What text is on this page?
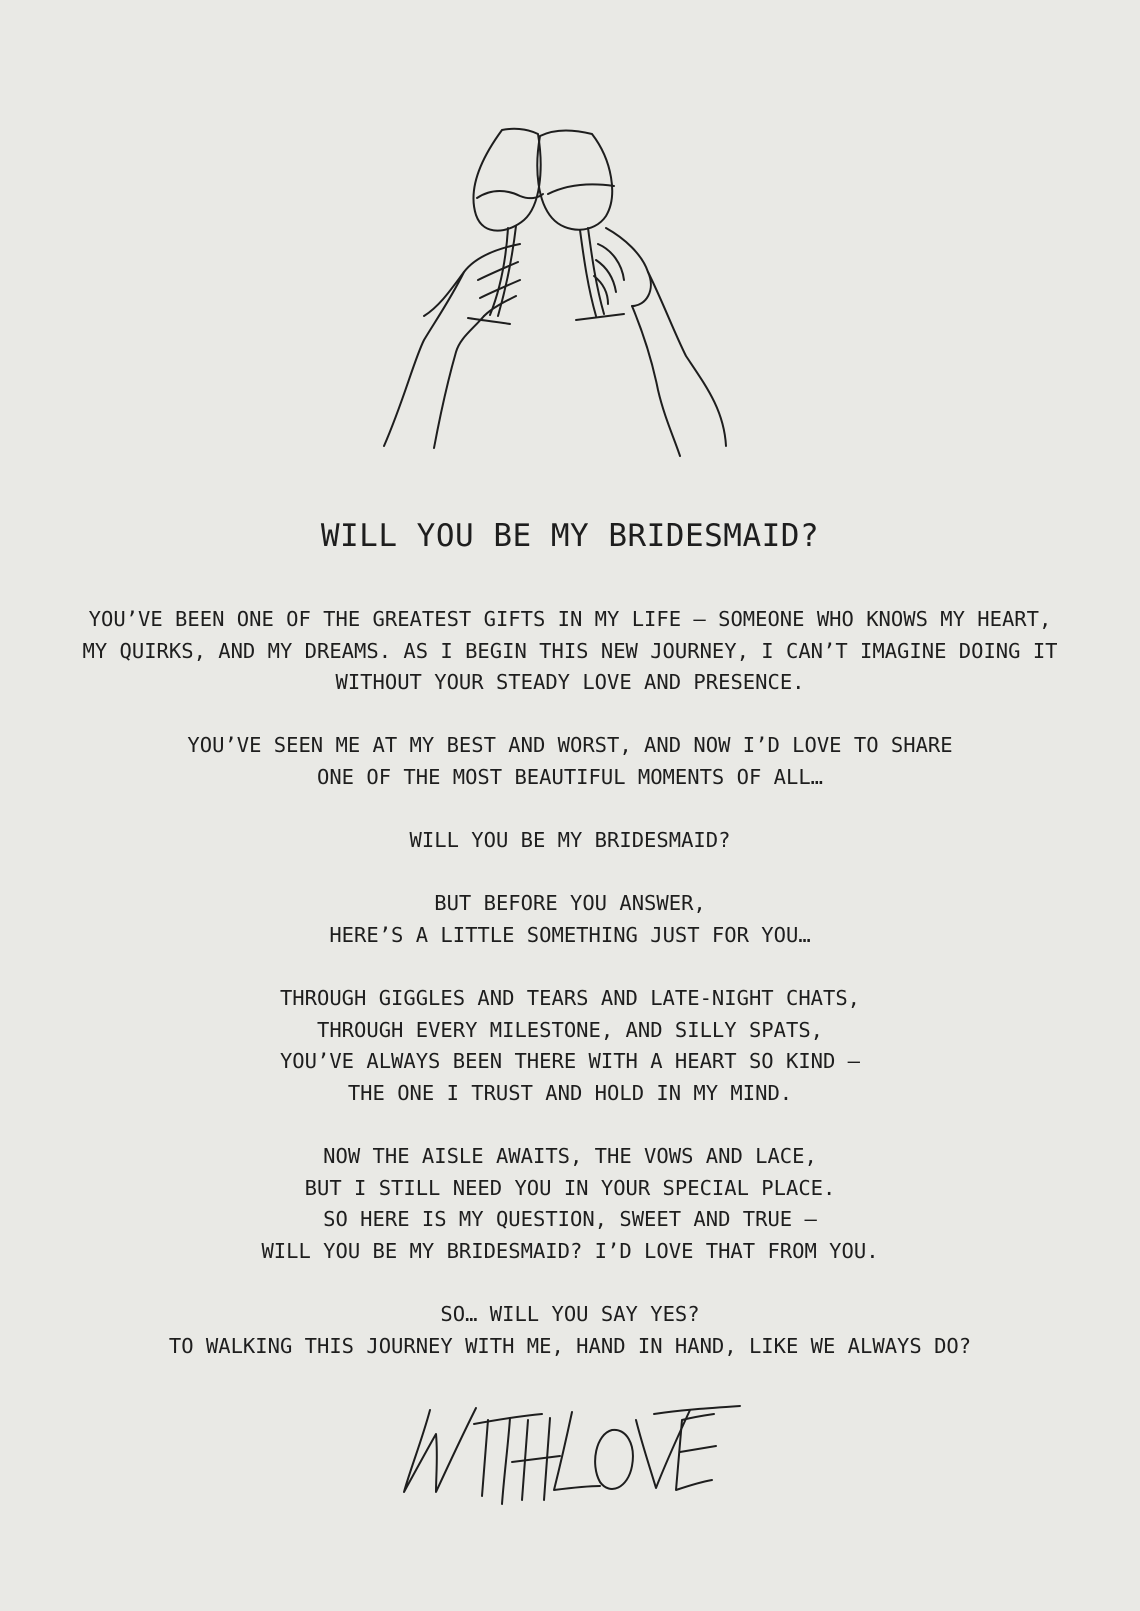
WILL YOU BE MY BRIDESMAID?
YOU’VE BEEN ONE OF THE GREATEST GIFTS IN MY LIFE — SOMEONE WHO KNOWS MY HEART,
MY QUIRKS, AND MY DREAMS. AS I BEGIN THIS NEW JOURNEY, I CAN’T IMAGINE DOING IT
WITHOUT YOUR STEADY LOVE AND PRESENCE.
YOU’VE SEEN ME AT MY BEST AND WORST, AND NOW I’D LOVE TO SHARE
ONE OF THE MOST BEAUTIFUL MOMENTS OF ALL…
WILL YOU BE MY BRIDESMAID?
BUT BEFORE YOU ANSWER,
HERE’S A LITTLE SOMETHING JUST FOR YOU…
THROUGH GIGGLES AND TEARS AND LATE-NIGHT CHATS,
THROUGH EVERY MILESTONE, AND SILLY SPATS,
YOU’VE ALWAYS BEEN THERE WITH A HEART SO KIND —
THE ONE I TRUST AND HOLD IN MY MIND.
NOW THE AISLE AWAITS, THE VOWS AND LACE,
BUT I STILL NEED YOU IN YOUR SPECIAL PLACE.
SO HERE IS MY QUESTION, SWEET AND TRUE —
WILL YOU BE MY BRIDESMAID? I’D LOVE THAT FROM YOU.
SO… WILL YOU SAY YES?
TO WALKING THIS JOURNEY WITH ME, HAND IN HAND, LIKE WE ALWAYS DO?
